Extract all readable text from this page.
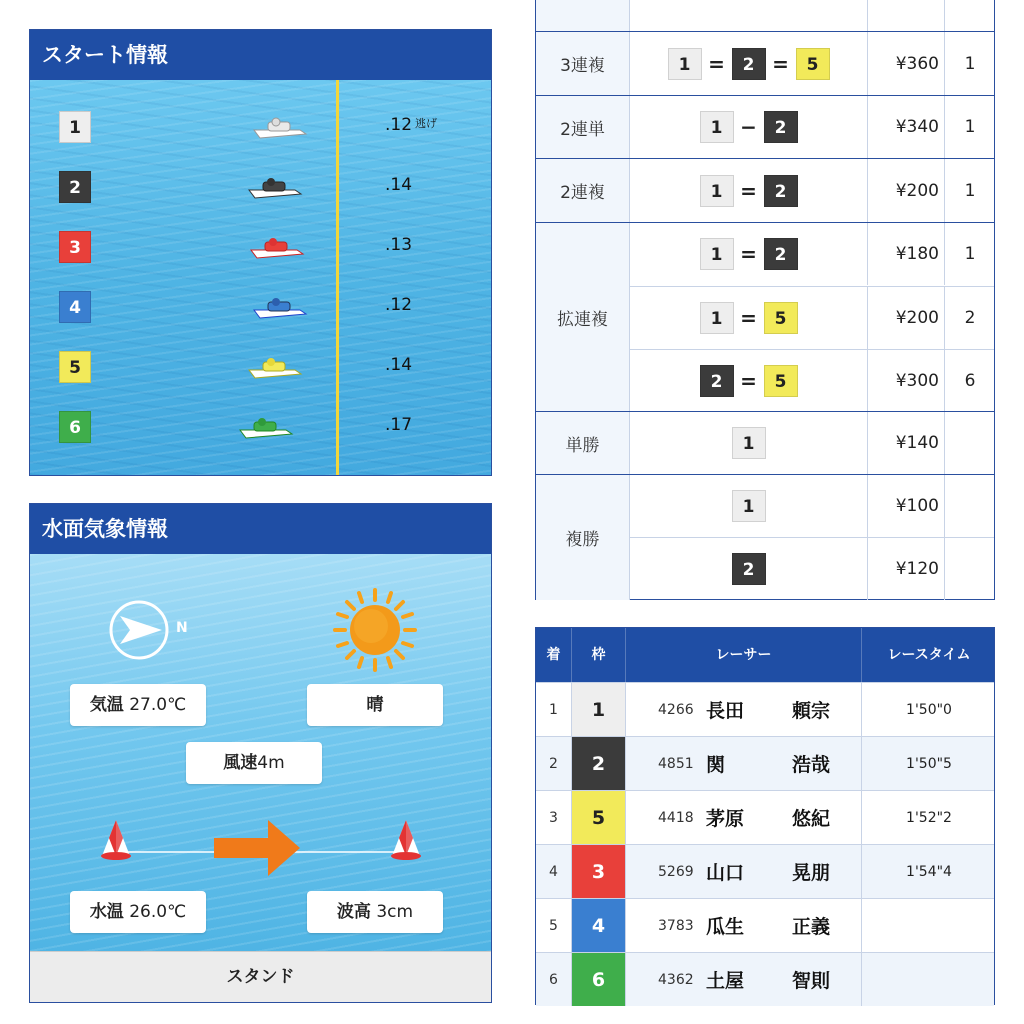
スタート情報
1	.12 逃げ
2	.14
3	.13
4	.12
5	.14
6	.17
水面気象情報
N
気温 27.0℃	晴
風速4m
水温 26.0℃	波高 3cm
スタンド
3連複	1 =	2 =	5	¥360	1
2連単	1 −	2	¥340	1
2連複	1 =	2	¥200	1
拡連複
1 =	2	¥180	1
1 =	5	¥200	2
2 =	5	¥300	6
単勝	1	¥140
複勝
1	¥100
2	¥120
着	枠	レーサー	レースタイム
1	1	4266 長田	頼宗	1'50"0
2	2	4851 関	浩哉	1'50"5
3	5	4418 茅原	悠紀	1'52"2
4	3	5269 山口	晃朋	1'54"4
5	4	3783 瓜生	正義
6	6	4362 土屋	智則
